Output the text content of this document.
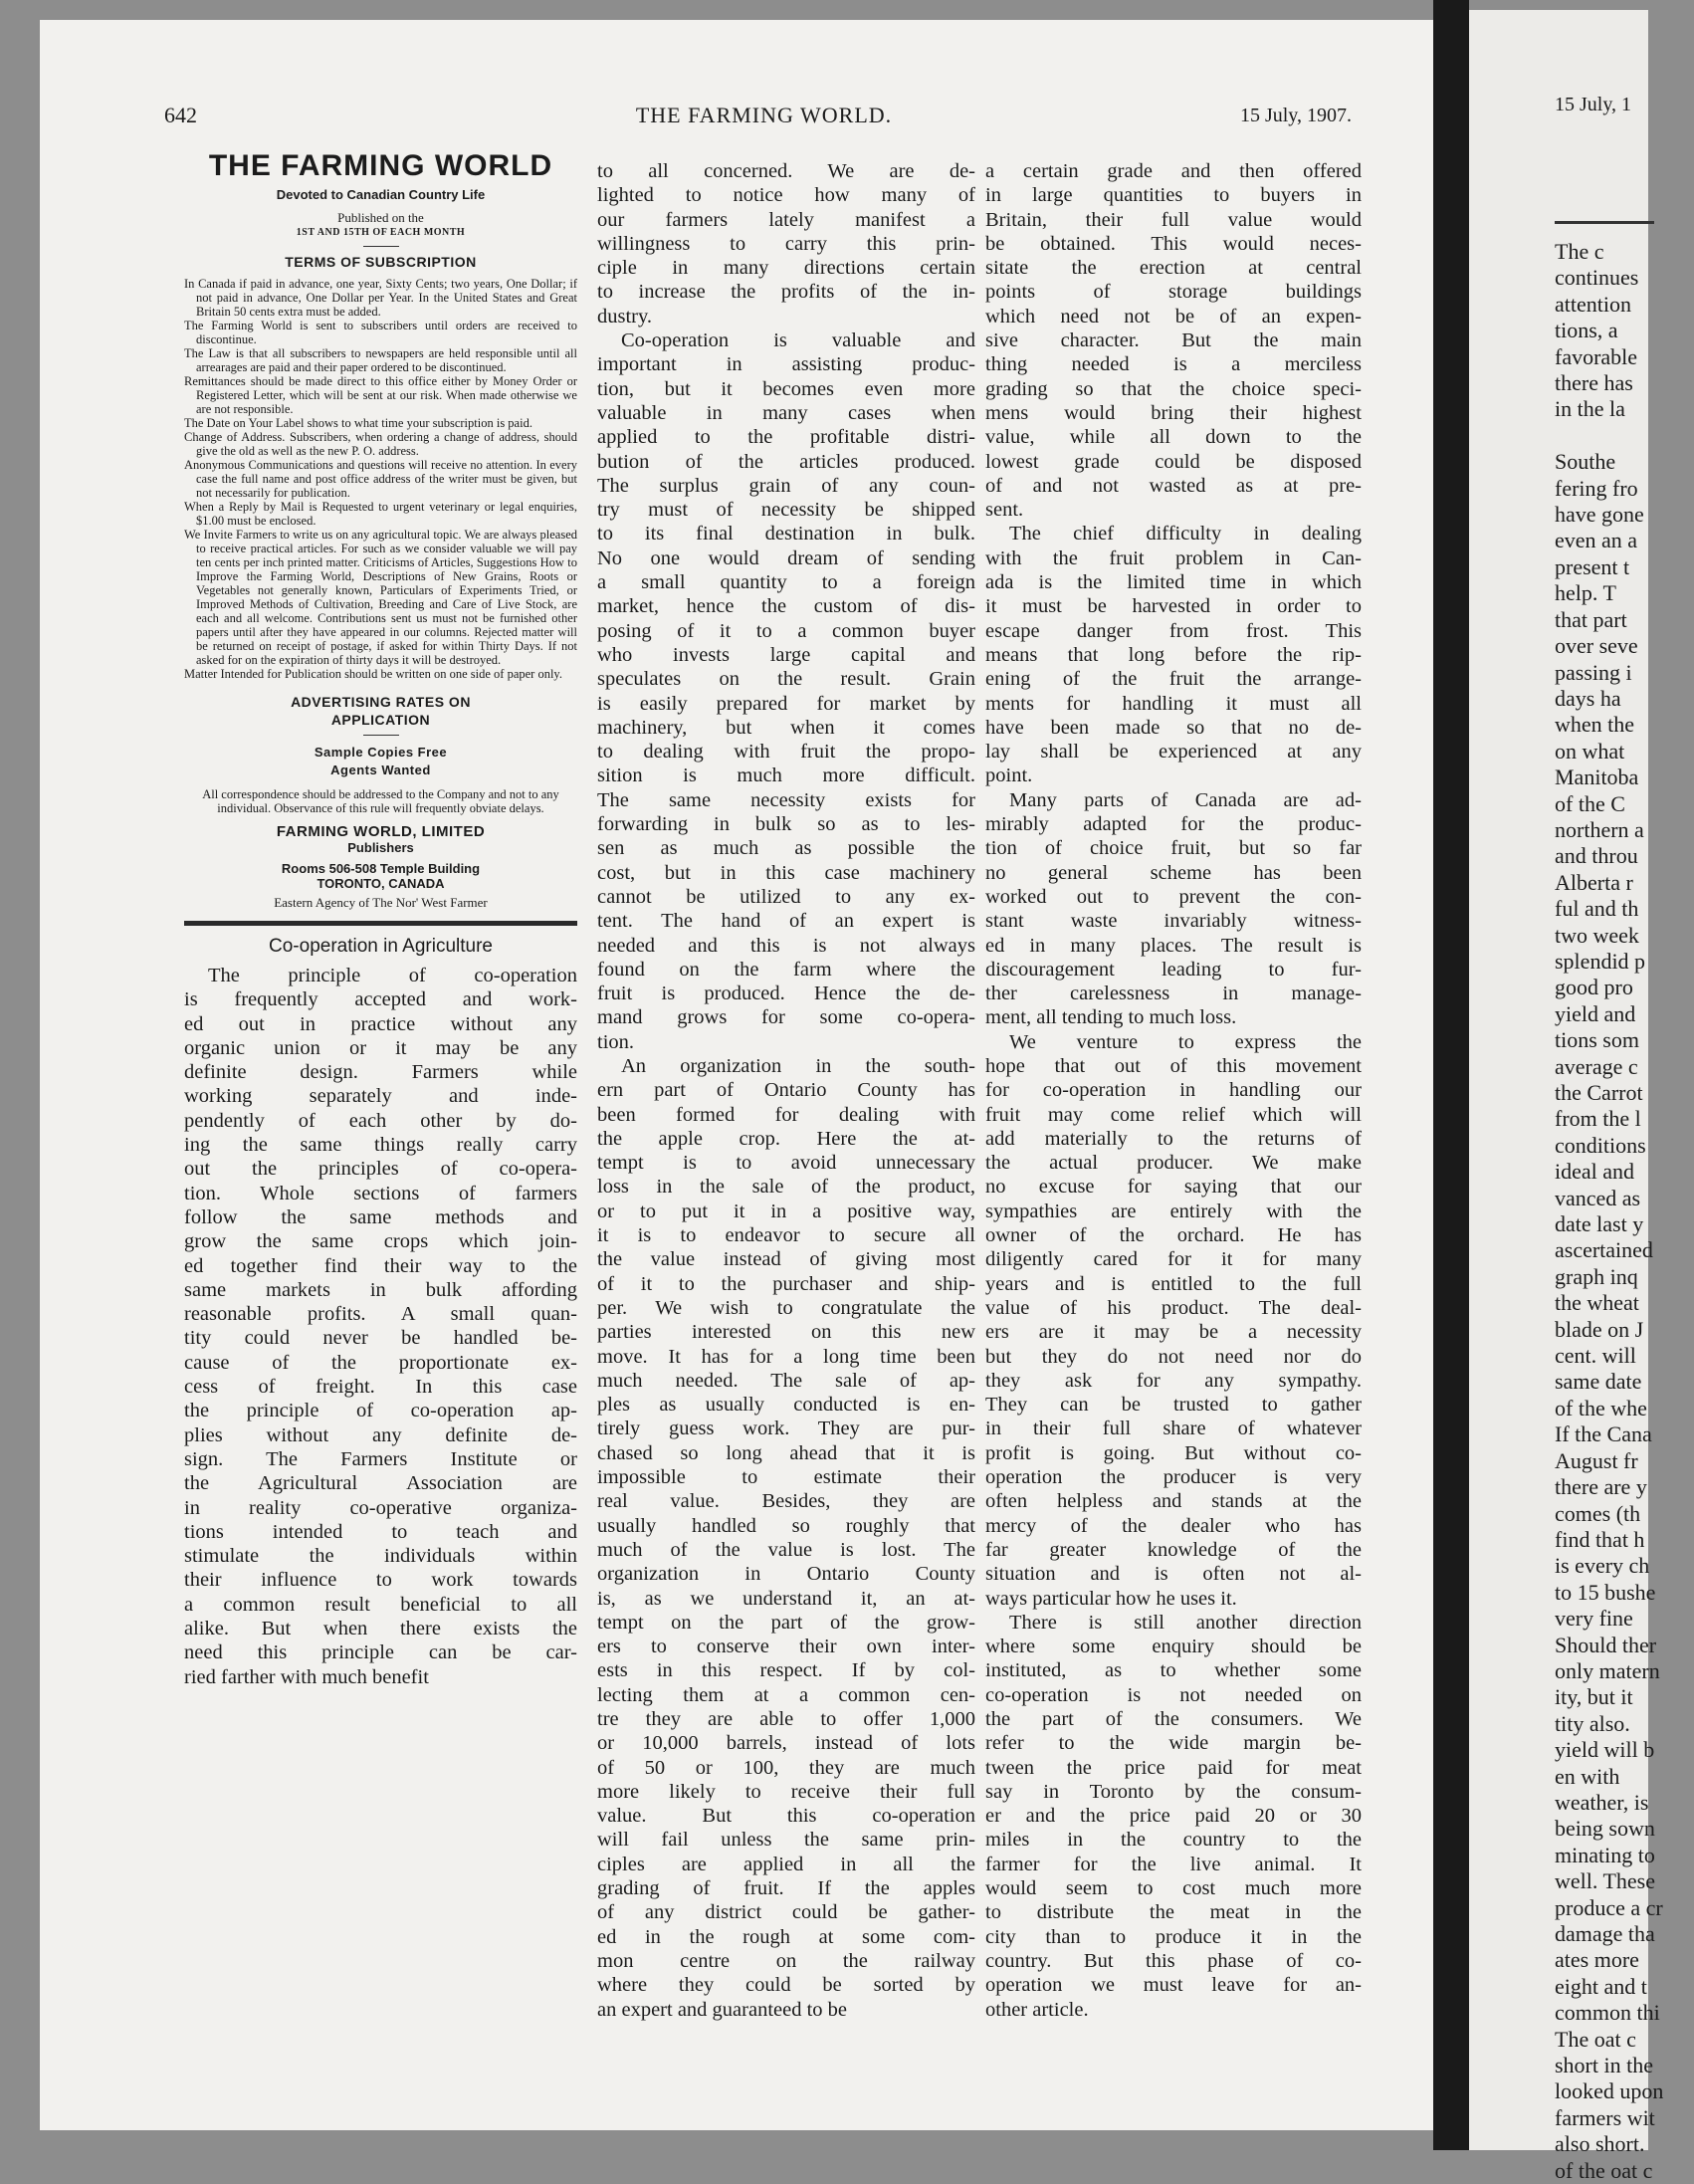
15 July, 1
The c
continues
attention
tions, a
favorable
there has
in the la

Southe
fering fro
have gone
even an a
present t
help. T
that part
over seve
passing i
days ha
when the
on what
Manitoba
of the C
northern a
and throu
Alberta r
ful and th
two week
splendid p
good pro
yield and
tions som
average c
the Carrot
from the l
conditions
ideal and
vanced as
date last y
ascertained
graph inq
the wheat
blade on J
cent. will
same date
of the whe
If the Cana
August fr
there are y
comes (th
find that h
is every ch
to 15 bushe
very fine
Should ther
only matern
ity, but it
tity also.
yield will b
en with
weather, is
being sown
minating to
well. These
produce a cr
damage tha
ates more
eight and t
common thi
The oat c
short in the
looked upon
farmers wit
also short.
of the oat c
642	THE FARMING WORLD.	15 July, 1907.
THE FARMING WORLD
Devoted to Canadian Country Life
Published on the
1ST AND 15TH OF EACH MONTH
TERMS OF SUBSCRIPTION

In Canada if paid in advance, one year, Sixty Cents; two years, One Dollar; if not paid in advance, One Dollar per Year. In the United States and Great Britain 50 cents extra must be added.

The Farming World is sent to subscribers until orders are received to discontinue.

The Law is that all subscribers to newspapers are held responsible until all arrearages are paid and their paper ordered to be discontinued.

Remittances should be made direct to this office either by Money Order or Registered Letter, which will be sent at our risk. When made otherwise we are not responsible.

The Date on Your Label shows to what time your subscription is paid.

Change of Address. Subscribers, when ordering a change of address, should give the old as well as the new P. O. address.

Anonymous Communications and questions will receive no attention. In every case the full name and post office address of the writer must be given, but not necessarily for publication.

When a Reply by Mail is Requested to urgent veterinary or legal enquiries, $1.00 must be enclosed.

We Invite Farmers to write us on any agricultural topic. We are always pleased to receive practical articles. For such as we consider valuable we will pay ten cents per inch printed matter. Criticisms of Articles, Suggestions How to Improve the Farming World, Descriptions of New Grains, Roots or Vegetables not generally known, Particulars of Experiments Tried, or Improved Methods of Cultivation, Breeding and Care of Live Stock, are each and all welcome. Contributions sent us must not be furnished other papers until after they have appeared in our columns. Rejected matter will be returned on receipt of postage, if asked for within Thirty Days. If not asked for on the expiration of thirty days it will be destroyed.

Matter Intended for Publication should be written on one side of paper only.

ADVERTISING RATES ON
APPLICATION
Sample Copies Free
Agents Wanted
All correspondence should be addressed to the Company and not to any individual. Observance of this rule will frequently obviate delays.
FARMING WORLD, LIMITED
Publishers
Rooms 506-508 Temple Building
TORONTO, CANADA
Eastern Agency of The Nor' West Farmer
Co-operation in Agriculture
The principle of co-operation
is frequently accepted and work-
ed out in practice without any
organic union or it may be any
definite design. Farmers while
working separately and inde-
pendently of each other by do-
ing the same things really carry
out the principles of co-opera-
tion. Whole sections of farmers
follow the same methods and
grow the same crops which join-
ed together find their way to the
same markets in bulk affording
reasonable profits. A small quan-
tity could never be handled be-
cause of the proportionate ex-
cess of freight. In this case
the principle of co-operation ap-
plies without any definite de-
sign. The Farmers Institute or
the Agricultural Association are
in reality co-operative organiza-
tions intended to teach and
stimulate the individuals within
their influence to work towards
a common result beneficial to all
alike. But when there exists the
need this principle can be car-
ried farther with much benefit
to all concerned. We are de-
lighted to notice how many of
our farmers lately manifest a
willingness to carry this prin-
ciple in many directions certain
to increase the profits of the in-
dustry.
Co-operation is valuable and
important in assisting produc-
tion, but it becomes even more
valuable in many cases when
applied to the profitable distri-
bution of the articles produced.
The surplus grain of any coun-
try must of necessity be shipped
to its final destination in bulk.
No one would dream of sending
a small quantity to a foreign
market, hence the custom of dis-
posing of it to a common buyer
who invests large capital and
speculates on the result. Grain
is easily prepared for market by
machinery, but when it comes
to dealing with fruit the propo-
sition is much more difficult.
The same necessity exists for
forwarding in bulk so as to les-
sen as much as possible the
cost, but in this case machinery
cannot be utilized to any ex-
tent. The hand of an expert is
needed and this is not always
found on the farm where the
fruit is produced. Hence the de-
mand grows for some co-opera-
tion.
An organization in the south-
ern part of Ontario County has
been formed for dealing with
the apple crop. Here the at-
tempt is to avoid unnecessary
loss in the sale of the product,
or to put it in a positive way,
it is to endeavor to secure all
the value instead of giving most
of it to the purchaser and ship-
per. We wish to congratulate the
parties interested on this new
move. It has for a long time been
much needed. The sale of ap-
ples as usually conducted is en-
tirely guess work. They are pur-
chased so long ahead that it is
impossible to estimate their
real value. Besides, they are
usually handled so roughly that
much of the value is lost. The
organization in Ontario County
is, as we understand it, an at-
tempt on the part of the grow-
ers to conserve their own inter-
ests in this respect. If by col-
lecting them at a common cen-
tre they are able to offer 1,000
or 10,000 barrels, instead of lots
of 50 or 100, they are much
more likely to receive their full
value. But this co-operation
will fail unless the same prin-
ciples are applied in all the
grading of fruit. If the apples
of any district could be gather-
ed in the rough at some com-
mon centre on the railway
where they could be sorted by
an expert and guaranteed to be
a certain grade and then offered
in large quantities to buyers in
Britain, their full value would
be obtained. This would neces-
sitate the erection at central
points of storage buildings
which need not be of an expen-
sive character. But the main
thing needed is a merciless
grading so that the choice speci-
mens would bring their highest
value, while all down to the
lowest grade could be disposed
of and not wasted as at pre-
sent.
The chief difficulty in dealing
with the fruit problem in Can-
ada is the limited time in which
it must be harvested in order to
escape danger from frost. This
means that long before the rip-
ening of the fruit the arrange-
ments for handling it must all
have been made so that no de-
lay shall be experienced at any
point.
Many parts of Canada are ad-
mirably adapted for the produc-
tion of choice fruit, but so far
no general scheme has been
worked out to prevent the con-
stant waste invariably witness-
ed in many places. The result is
discouragement leading to fur-
ther carelessness in manage-
ment, all tending to much loss.
We venture to express the
hope that out of this movement
for co-operation in handling our
fruit may come relief which will
add materially to the returns of
the actual producer. We make
no excuse for saying that our
sympathies are entirely with the
owner of the orchard. He has
diligently cared for it for many
years and is entitled to the full
value of his product. The deal-
ers are it may be a necessity
but they do not need nor do
they ask for any sympathy.
They can be trusted to gather
in their full share of whatever
profit is going. But without co-
operation the producer is very
often helpless and stands at the
mercy of the dealer who has
far greater knowledge of the
situation and is often not al-
ways particular how he uses it.
There is still another direction
where some enquiry should be
instituted, as to whether some
co-operation is not needed on
the part of the consumers. We
refer to the wide margin be-
tween the price paid for meat
say in Toronto by the consum-
er and the price paid 20 or 30
miles in the country to the
farmer for the live animal. It
would seem to cost much more
to distribute the meat in the
city than to produce it in the
country. But this phase of co-
operation we must leave for an-
other article.
